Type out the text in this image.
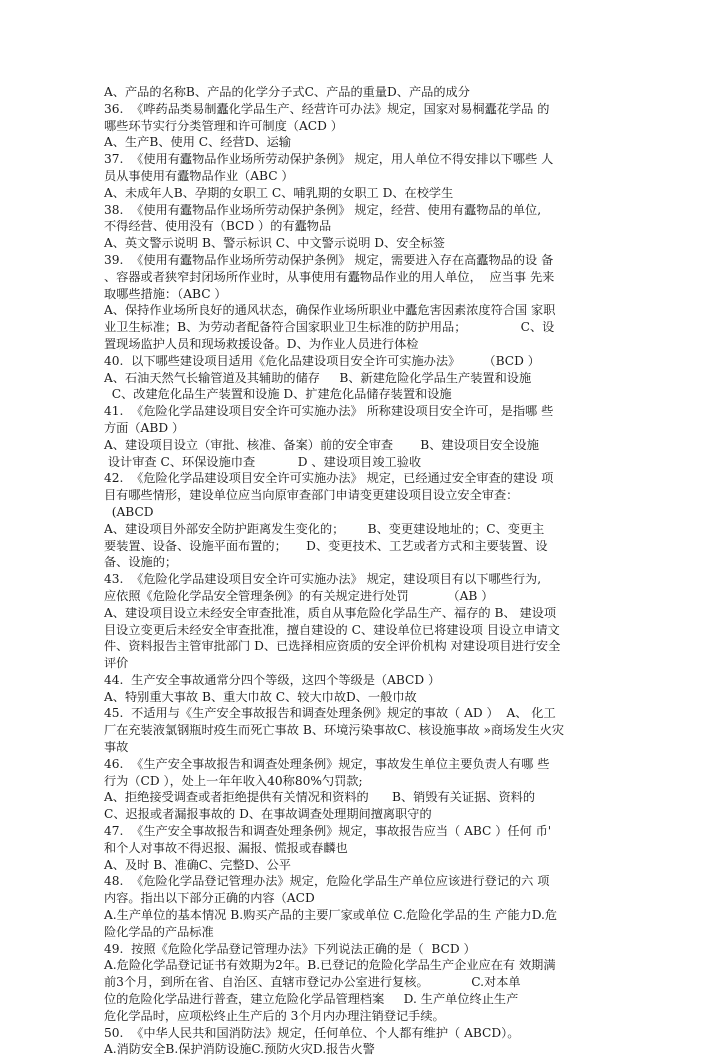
A、产品的名称B、产品的化学分子式C、产品的重量D、产品的成分
36.  《哗药品类易制蠹化学品生产、经营许可办法》规定，国家对易桐蠹花学品 的
哪些环节实行分类管理和许可制度（ACD ）
A、生产B、使用 C、经营D、运输
37.  《使用有蠹物品作业场所劳动保护条例》 规定，用人单位不得安排以下哪些 人
员从事使用有蠹物品作业（ABC ）
A、未成年人B、孕期的女职工 C、哺乳期的女职工 D、在校学生
38.  《使用有蠹物品作业场所劳动保护条例》 规定，经营、使用有蠹物品的单位,
不得经营、使用没有（BCD ）的有蠹物品
A、英文警示说明 B、警示标识 C、中文警示说明 D、安全标签
39.  《使用有蠹物品作业场所劳动保护条例》 规定，需要进入存在高蠹物品的设 备
、容器或者狭窄封闭场所作业时，从事使用有蠹物品作业的用人单位，  应当事 先来
取哪些措施：（ABC ）
A、保持作业场所良好的通风状态，确保作业场所职业中蠹危害因素浓度符合国 家职
业卫生标准；B、为劳动者配备符合国家职业卫生标准的防护用品；              C、设
置现场监护人员和现场救援设备。D、为作业人员进行体检
40.  以下哪些建设项目适用《危化品建设项目安全许可实施办法》      （BCD ）
A、石油天然气长输管道及其辅助的储存     B、新建危险化学品生产装置和设施
C、改建危化品生产装置和设施 D、扩建危化品储存装置和设施
41.  《危险化学品建设项目安全许可实施办法》 所称建设项目安全许可，是指哪 些
方面（ABD ）
A、建设项目设立（审批、核准、备案）前的安全审查       B、建设项目安全设施
设计审查 C、环保设施巾查           D 、建设项目竣工验收
42.  《危险化学品建设项目安全许可实施办法》 规定，已经通过安全审查的建设 项
目有哪些情形，建设单位应当向原审查部门申请变更建设项目设立安全审查：
(ABCD
A、建设项目外部安全防护距离发生变化的；      B、变更建设地址的；C、变更主
要装置、设备、设施平面布置的；     D、变更技术、工艺或者方式和主要装置、设
备、设施的；
43.  《危险化学品建设项目安全许可实施办法》 规定，建设项目有以下哪些行为,
应依照《危险化学品安全管理条例》的有关规定进行处罚          （AB ）
A、建设项目设立未经安全审查批准，质自从事危险化学品生产、福存的 B、 建设项
目设立变更后未经安全审查批准，擅自建设的 C、建设单位已将建设项 目设立申请文
件、资料报告主管审批部门 D、已选择相应资质的安全评价机构 对建设项目进行安全
评价
44.  生产安全事故通常分四个等级，这四个等级是（ABCD ）
A、特别重大事故 B、重大巾故 C、较大巾故D、一般巾故
45.  不适用与《生产安全事故报告和调查处理条例》规定的事故（ AD ）  A、 化工
厂在充装液氯钢瓶时疫生而死亡事故 B、环境污染事故C、核设施事故 »商场发生火灾
事故
46.  《生产安全事故报告和调查处理条例》规定，事故发生单位主要负责人有哪 些
行为（CD ），处上一年年收入40称80%勺罚款;
A、拒绝接受调查或者拒绝提供有关情况和资料的      B、销毁有关证据、资料的
C、迟报或者漏报事故的 D、在事故调查处理期间擅离职守的
47.  《生产安全事故报告和调查处理条例》规定，事故报告应当（ ABC ）任何 币'
和个人对事故不得迟报、漏报、慌报或春麟也
A、及时 B、准确C、完整D、公平
48.  《危险化学品登记管理办法》规定，危险化学品生产单位应该进行登记的六 项
内容。指出以下部分正确的内容（ACD
A.生产单位的基本情况 B.购买产品的主要厂家或单位 C.危险化学品的生 产能力D.危
险化学品的产品标准
49.  按照《危险化学品登记管理办法》下列说法正确的是（  BCD ）
A.危险化学品登记证书有效期为2年。B.已登记的危险化学品生产企业应在有 效期满
前3个月，到所在省、自治区、直辖市登记办公室进行复核。           C.对本单
位的危险化学品进行普查，建立危险化学品管理档案     D. 生产单位终止生产
危化学品时，应项松终止生产后的 3个月内办理注销登记手续。
50.  《中华人民共和国消防法》规定，任何单位、个人都有维护（ ABCD）。
A.消防安全B.保护消防设施C.预防火灾D.报告火警
